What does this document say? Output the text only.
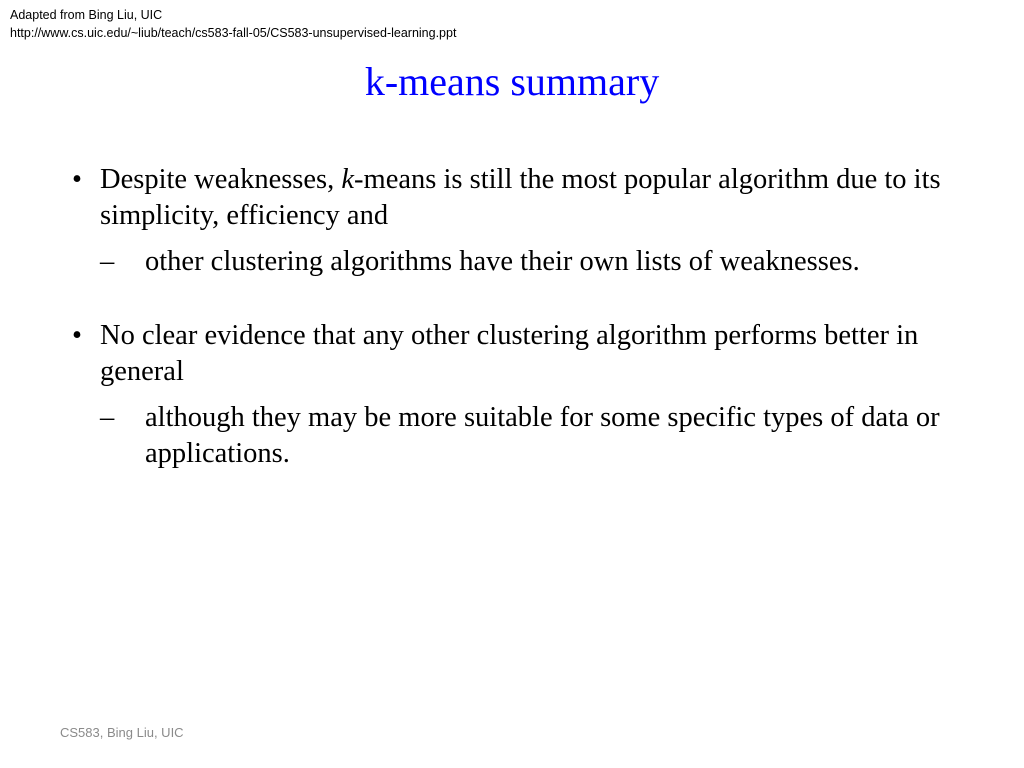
Adapted from Bing Liu, UIC
http://www.cs.uic.edu/~liub/teach/cs583-fall-05/CS583-unsupervised-learning.ppt
k-means summary
• Despite weaknesses, k-means is still the most popular algorithm due to its simplicity, efficiency and
– other clustering algorithms have their own lists of weaknesses.
• No clear evidence that any other clustering algorithm performs better in general
– although they may be more suitable for some specific types of data or applications.
CS583, Bing Liu, UIC
